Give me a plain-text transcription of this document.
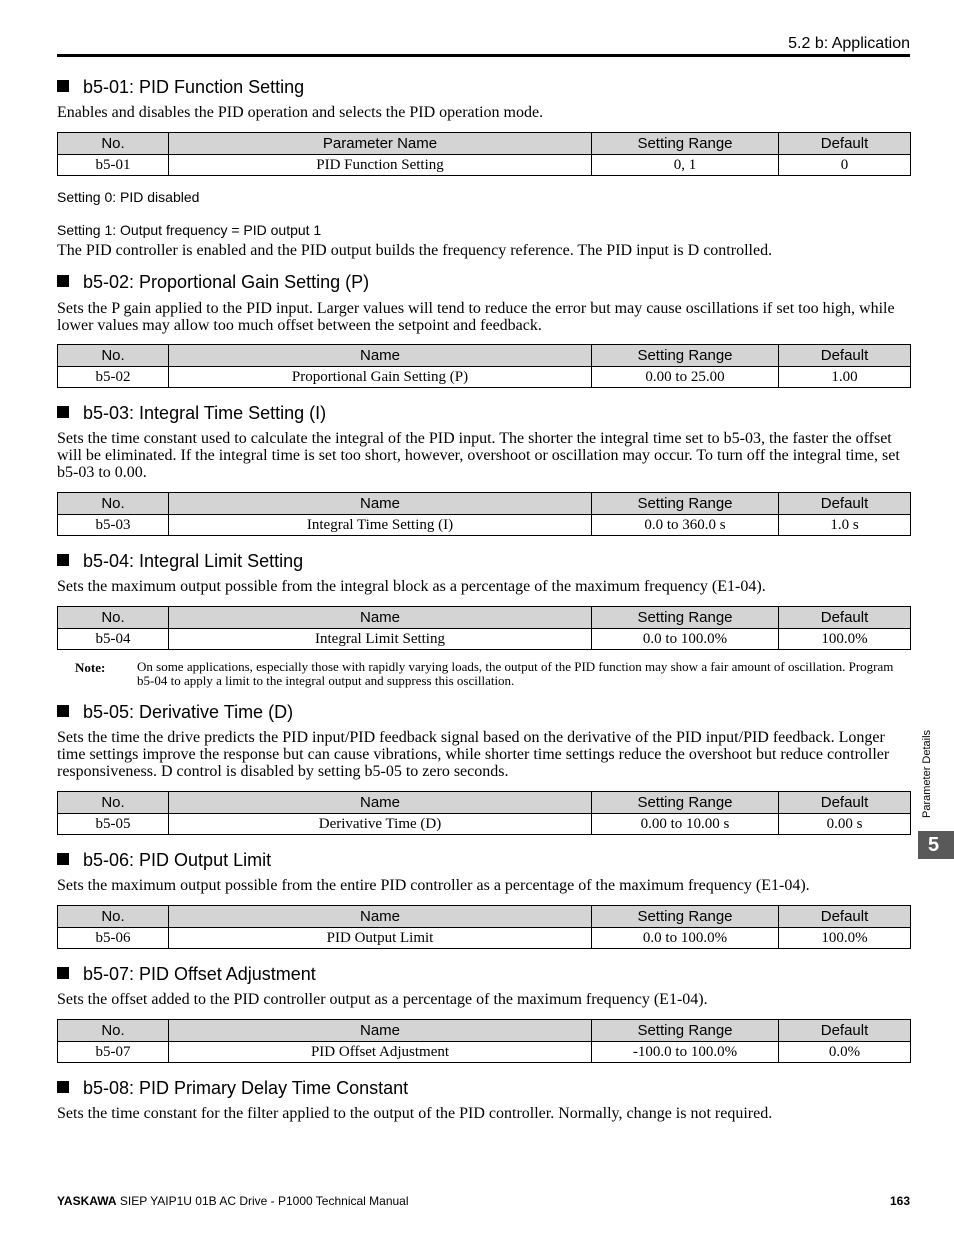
5.2 b: Application
b5-01: PID Function Setting
Enables and disables the PID operation and selects the PID operation mode.
No.	Parameter Name	Setting Range	Default
b5-01	PID Function Setting	0, 1	0
Setting 0: PID disabled
Setting 1: Output frequency = PID output 1
The PID controller is enabled and the PID output builds the frequency reference. The PID input is D controlled.
b5-02: Proportional Gain Setting (P)
Sets the P gain applied to the PID input. Larger values will tend to reduce the error but may cause oscillations if set too high, while lower values may allow too much offset between the setpoint and feedback.
No.	Name	Setting Range	Default
b5-02	Proportional Gain Setting (P)	0.00 to 25.00	1.00
b5-03: Integral Time Setting (I)
Sets the time constant used to calculate the integral of the PID input. The shorter the integral time set to b5-03, the faster the offset will be eliminated. If the integral time is set too short, however, overshoot or oscillation may occur. To turn off the integral time, set b5-03 to 0.00.
No.	Name	Setting Range	Default
b5-03	Integral Time Setting (I)	0.0 to 360.0 s	1.0 s
b5-04: Integral Limit Setting
Sets the maximum output possible from the integral block as a percentage of the maximum frequency (E1-04).
No.	Name	Setting Range	Default
b5-04	Integral Limit Setting	0.0 to 100.0%	100.0%
Note: On some applications, especially those with rapidly varying loads, the output of the PID function may show a fair amount of oscillation. Program b5-04 to apply a limit to the integral output and suppress this oscillation.
b5-05: Derivative Time (D)
Sets the time the drive predicts the PID input/PID feedback signal based on the derivative of the PID input/PID feedback. Longer time settings improve the response but can cause vibrations, while shorter time settings reduce the overshoot but reduce controller responsiveness. D control is disabled by setting b5-05 to zero seconds.
No.	Name	Setting Range	Default
b5-05	Derivative Time (D)	0.00 to 10.00 s	0.00 s
b5-06: PID Output Limit
Sets the maximum output possible from the entire PID controller as a percentage of the maximum frequency (E1-04).
No.	Name	Setting Range	Default
b5-06	PID Output Limit	0.0 to 100.0%	100.0%
b5-07: PID Offset Adjustment
Sets the offset added to the PID controller output as a percentage of the maximum frequency (E1-04).
No.	Name	Setting Range	Default
b5-07	PID Offset Adjustment	-100.0 to 100.0%	0.0%
b5-08: PID Primary Delay Time Constant
Sets the time constant for the filter applied to the output of the PID controller. Normally, change is not required.
Parameter Details
5
YASKAWA SIEP YAIP1U 01B AC Drive - P1000 Technical Manual	163
